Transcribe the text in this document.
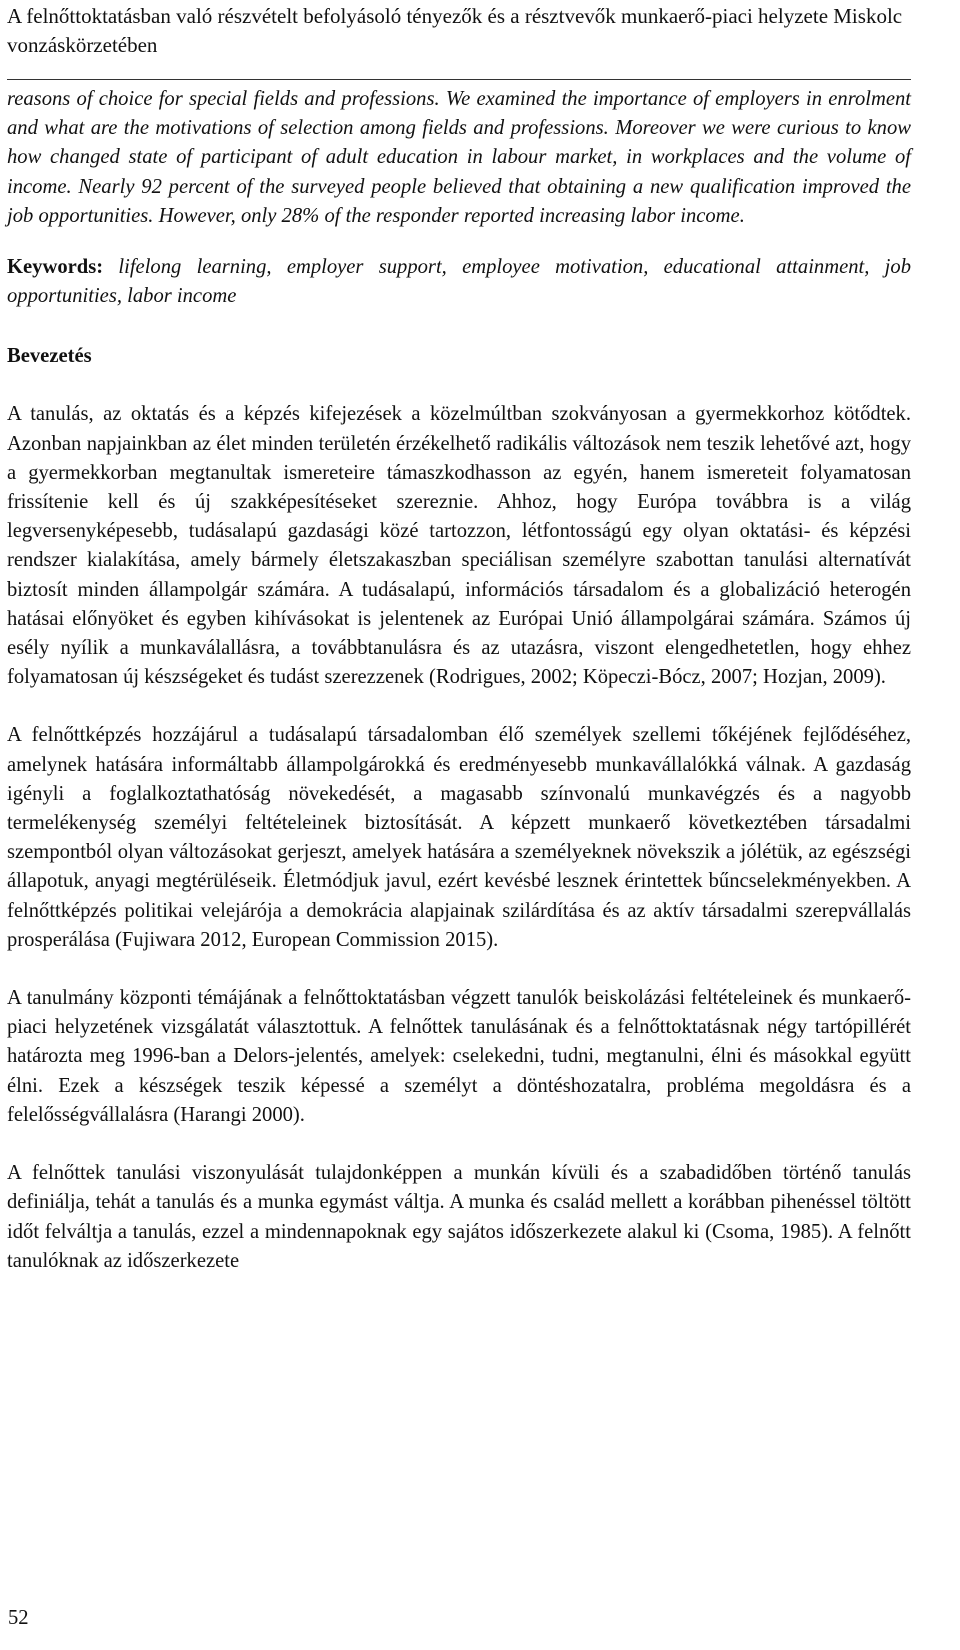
A felnőttoktatásban való részvételt befolyásoló tényezők és a résztvevők munkaerő-piaci helyzete Miskolc vonzáskörzetében

reasons of choice for special fields and professions. We examined the importance of employers in enrolment and what are the motivations of selection among fields and professions. Moreover we were curious to know how changed state of participant of adult education in labour market, in workplaces and the volume of income. Nearly 92 percent of the surveyed people believed that obtaining a new qualification improved the job opportunities. However, only 28% of the responder reported increasing labor income.

Keywords: lifelong learning, employer support, employee motivation, educational attainment, job opportunities, labor income

Bevezetés

A tanulás, az oktatás és a képzés kifejezések a közelmúltban szokványosan a gyermekkorhoz kötődtek. Azonban napjainkban az élet minden területén érzékelhető radikális változások nem teszik lehetővé azt, hogy a gyermekkorban megtanultak ismereteire támaszkodhasson az egyén, hanem ismereteit folyamatosan frissítenie kell és új szakképesítéseket szereznie. Ahhoz, hogy Európa továbbra is a világ legversenyképesebb, tudásalapú gazdasági közé tartozzon, létfontosságú egy olyan oktatási- és képzési rendszer kialakítása, amely bármely életszakaszban speciálisan személyre szabottan tanulási alternatívát biztosít minden állampolgár számára. A tudásalapú, információs társadalom és a globalizáció heterogén hatásai előnyöket és egyben kihívásokat is jelentenek az Európai Unió állampolgárai számára. Számos új esély nyílik a munkaválallásra, a továbbtanulásra és az utazásra, viszont elengedhetetlen, hogy ehhez folyamatosan új készségeket és tudást szerezzenek (Rodrigues, 2002; Köpeczi-Bócz, 2007; Hozjan, 2009).

A felnőttképzés hozzájárul a tudásalapú társadalomban élő személyek szellemi tőkéjének fejlődéséhez, amelynek hatására informáltabb állampolgárokká és eredményesebb munkavállalókká válnak. A gazdaság igényli a foglalkoztathatóság növekedését, a magasabb színvonalú munkavégzés és a nagyobb termelékenység személyi feltételeinek biztosítását. A képzett munkaerő következtében társadalmi szempontból olyan változásokat gerjeszt, amelyek hatására a személyeknek növekszik a jólétük, az egészségi állapotuk, anyagi megtérüléseik. Életmódjuk javul, ezért kevésbé lesznek érintettek bűncselekményekben. A felnőttképzés politikai velejárója a demokrácia alapjainak szilárdítása és az aktív társadalmi szerepvállalás prosperálása (Fujiwara 2012, European Commission 2015).

A tanulmány központi témájának a felnőttoktatásban végzett tanulók beiskolázási feltételeinek és munkaerő-piaci helyzetének vizsgálatát választottuk. A felnőttek tanulásának és a felnőttoktatásnak négy tartópillérét határozta meg 1996-ban a Delors-jelentés, amelyek: cselekedni, tudni, megtanulni, élni és másokkal együtt élni. Ezek a készségek teszik képessé a személyt a döntéshozatalra, probléma megoldásra és a felelősségvállalásra (Harangi 2000).

A felnőttek tanulási viszonyulását tulajdonképpen a munkán kívüli és a szabadidőben történő tanulás definiálja, tehát a tanulás és a munka egymást váltja. A munka és család mellett a korábban pihenéssel töltött időt felváltja a tanulás, ezzel a mindennapoknak egy sajátos időszerkezete alakul ki (Csoma, 1985). A felnőtt tanulóknak az időszerkezete

52
